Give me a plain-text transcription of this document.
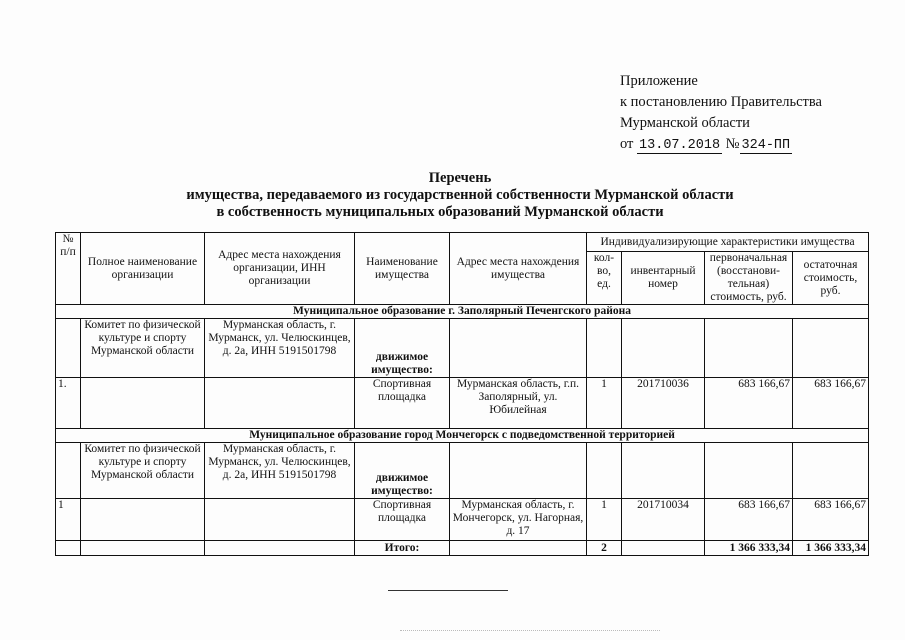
Приложение
к постановлению Правительства
Мурманской области
от 13.07.2018 № 324-ПП
Перечень
имущества, передаваемого из государственной собственности Мурманской области
в собственность муниципальных образований Мурманской области
№ п/п	Полное наименование организации	Адрес места нахождения организации, ИНН организации	Наименование имущества	Адрес места нахождения имущества	Индивидуализирующие характеристики имущества			
					кол-во, ед.	инвентарный номер	первоначальная (восстанови-тельная) стоимость, руб.	остаточная стоимость, руб.
Муниципальное образование г. Заполярный Печенгского района								
	Комитет по физической культуре и спорту Мурманской области	Мурманская область, г. Мурманск, ул. Челюскинцев, д. 2а, ИНН 5191501798	движимое имущество:					
1.			Спортивная площадка	Мурманская область, г.п. Заполярный, ул. Юбилейная	1	201710036	683 166,67	683 166,67
Муниципальное образование город Мончегорск с подведомственной территорией								
	Комитет по физической культуре и спорту Мурманской области	Мурманская область, г. Мурманск, ул. Челюскинцев, д. 2а, ИНН 5191501798	движимое имущество:					
1			Спортивная площадка	Мурманская область, г. Мончегорск, ул. Нагорная, д. 17	1	201710034	683 166,67	683 166,67
			Итого:		2		1 366 333,34	1 366 333,34
